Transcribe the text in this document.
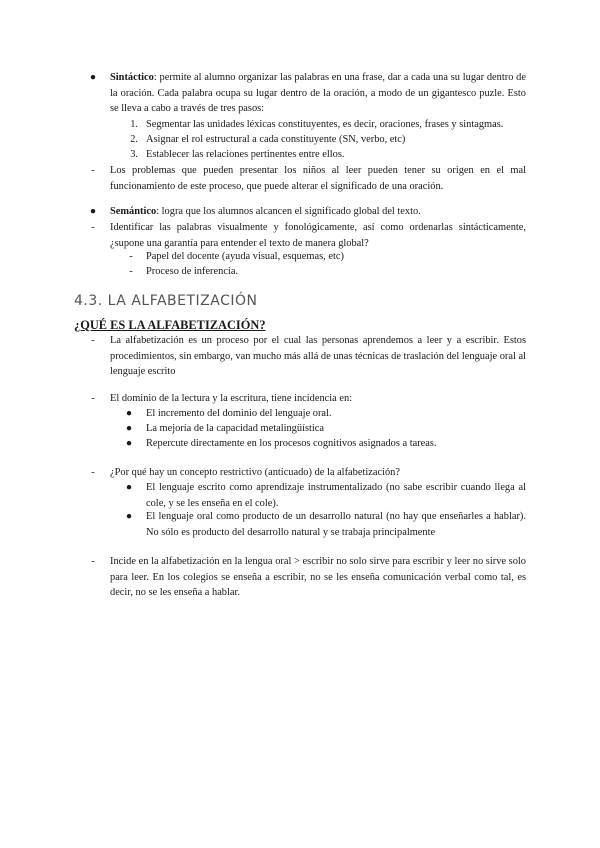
●	Sintáctico: permite al alumno organizar las palabras en una frase, dar a cada una su lugar dentro de la oración. Cada palabra ocupa su lugar dentro de la oración, a modo de un gigantesco puzle. Esto se lleva a cabo a través de tres pasos:
1. Segmentar las unidades léxicas constituyentes, es decir, oraciones, frases y sintagmas.
2. Asignar el rol estructural a cada constituyente (SN, verbo, etc)
3. Establecer las relaciones pertinentes entre ellos.
-	Los problemas que pueden presentar los niños al leer pueden tener su origen en el mal funcionamiento de este proceso, que puede alterar el significado de una oración.
●	Semántico: logra que los alumnos alcancen el significado global del texto.
-	Identificar las palabras visualmente y fonológicamente, así como ordenarlas sintácticamente, ¿supone una garantía para entender el texto de manera global?
-	Papel del docente (ayuda visual, esquemas, etc)
-	Proceso de inferencia.
4.3. LA ALFABETIZACIÓN
¿QUÉ ES LA ALFABETIZACIÓN?
-	La alfabetización es un proceso por el cual las personas aprendemos a leer y a escribir. Estos procedimientos, sin embargo, van mucho más allá de unas técnicas de traslación del lenguaje oral al lenguaje escrito
-	El dominio de la lectura y la escritura, tiene incidencia en:
●	El incremento del dominio del lenguaje oral.
●	La mejoría de la capacidad metalingüística
●	Repercute directamente en los procesos cognitivos asignados a tareas.
-	¿Por qué hay un concepto restrictivo (anticuado) de la alfabetización?
●	El lenguaje escrito como aprendizaje instrumentalizado (no sabe escribir cuando llega al cole, y se les enseña en el cole).
●	El lenguaje oral como producto de un desarrollo natural (no hay que enseñarles a hablar). No sólo es producto del desarrollo natural y se trabaja principalmente
-	Incide en la alfabetización en la lengua oral > escribir no solo sirve para escribir y leer no sirve solo para leer. En los colegios se enseña a escribir, no se les enseña comunicación verbal como tal, es decir, no se les enseña a hablar.
